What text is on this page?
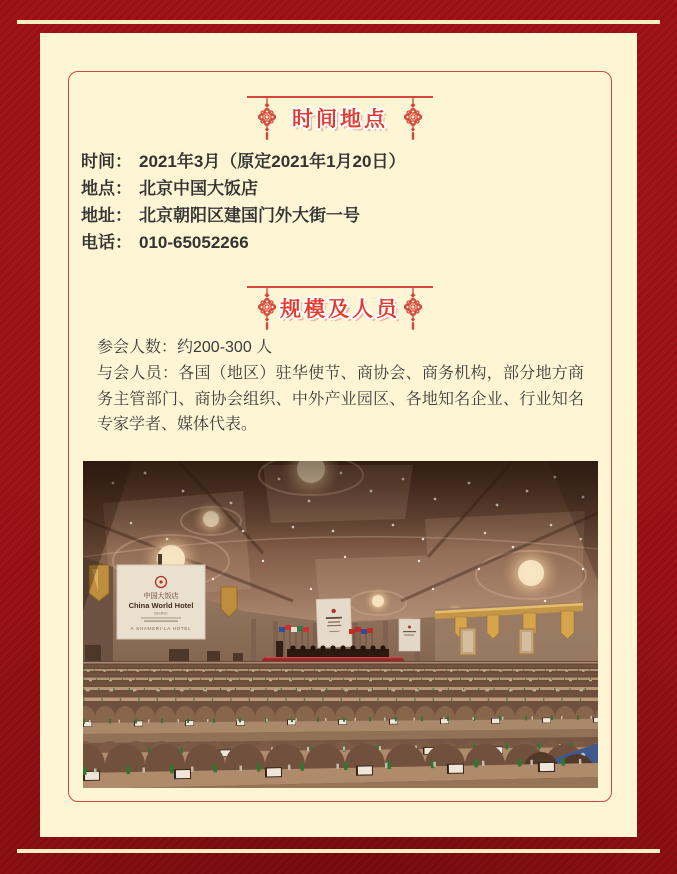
时间地点
时间： 2021年3月（原定2021年1月20日）
地点： 北京中国大饭店
地址： 北京朝阳区建国门外大街一号
电话： 010-65052266
规模及人员
参会人数：约200-300 人
与会人员：各国（地区）驻华使节、商协会、商务机构，部分地方商务主管部门、商协会组织、中外产业园区、各地知名企业、行业知名专家学者、媒体代表。
中国大饭店
China World Hotel
BEIJING
A SHANGRI-LA HOTEL
